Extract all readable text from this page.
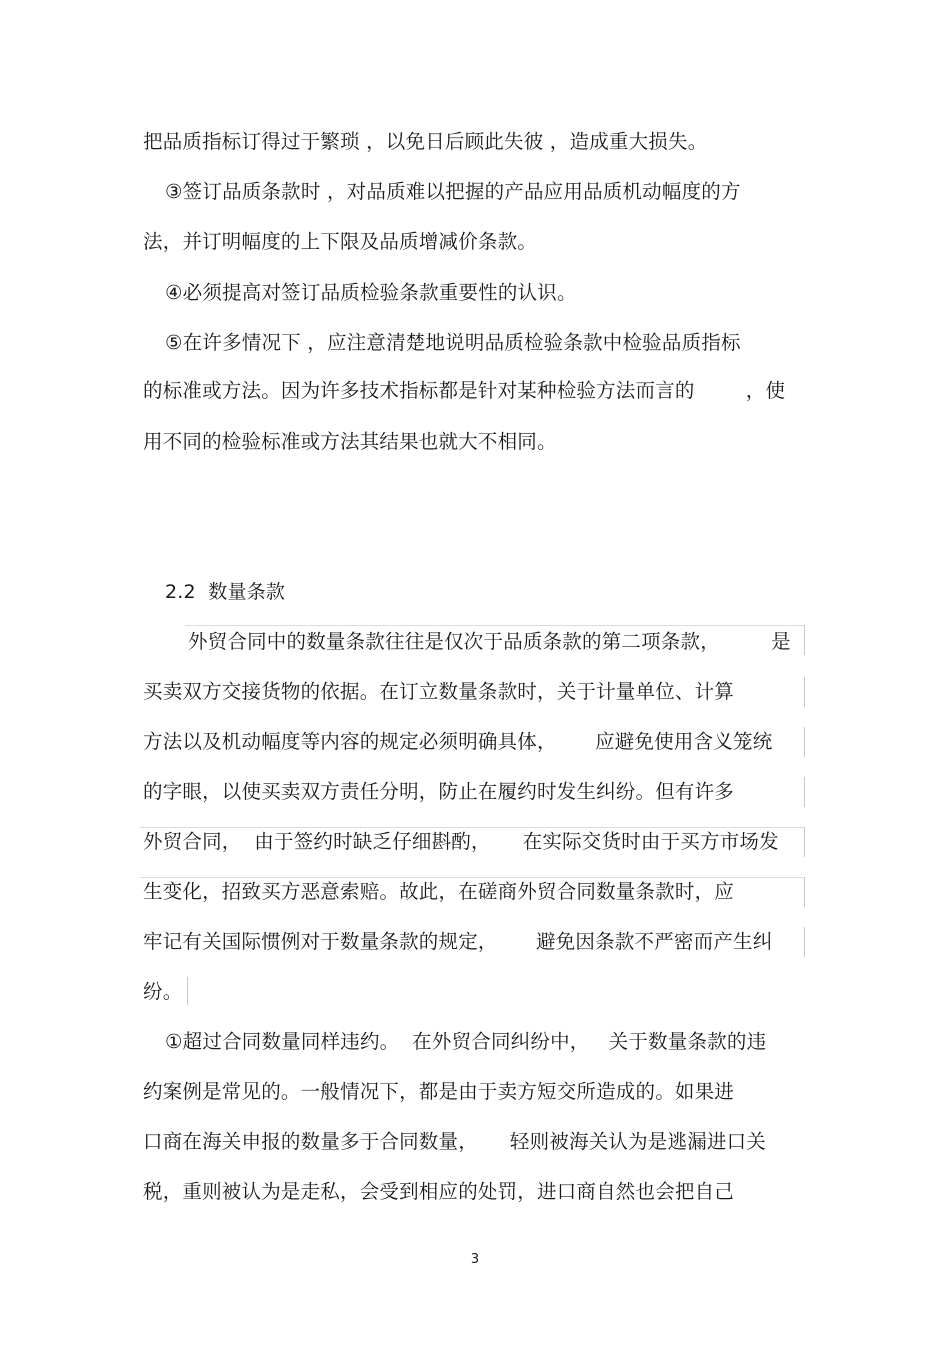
把品质指标订得过于繁琐 ，以免日后顾此失彼 ，造成重大损失。
③签订品质条款时 ，对品质难以把握的产品应用品质机动幅度的方
法，并订明幅度的上下限及品质增减价条款。
④必须提高对签订品质检验条款重要性的认识。
⑤在许多情况下 ，应注意清楚地说明品质检验条款中检验品质指标
的标准或方法。因为许多技术指标都是针对某种检验方法而言的        ，使
用不同的检验标准或方法其结果也就大不相同。
2.2  数量条款
外贸合同中的数量条款往往是仅次于品质条款的第二项条款，        是
买卖双方交接货物的依据。在订立数量条款时，关于计量单位、计算
方法以及机动幅度等内容的规定必须明确具体，      应避免使用含义笼统
的字眼，以使买卖双方责任分明，防止在履约时发生纠纷。但有许多
外贸合同，  由于签约时缺乏仔细斟酌，     在实际交货时由于买方市场发
生变化，招致买方恶意索赔。故此，在磋商外贸合同数量条款时，应
牢记有关国际惯例对于数量条款的规定，      避免因条款不严密而产生纠
纷。
①超过合同数量同样违约。  在外贸合同纠纷中，   关于数量条款的违
约案例是常见的。一般情况下，都是由于卖方短交所造成的。如果进
口商在海关申报的数量多于合同数量，     轻则被海关认为是逃漏进口关
税，重则被认为是走私，会受到相应的处罚，进口商自然也会把自己
3
